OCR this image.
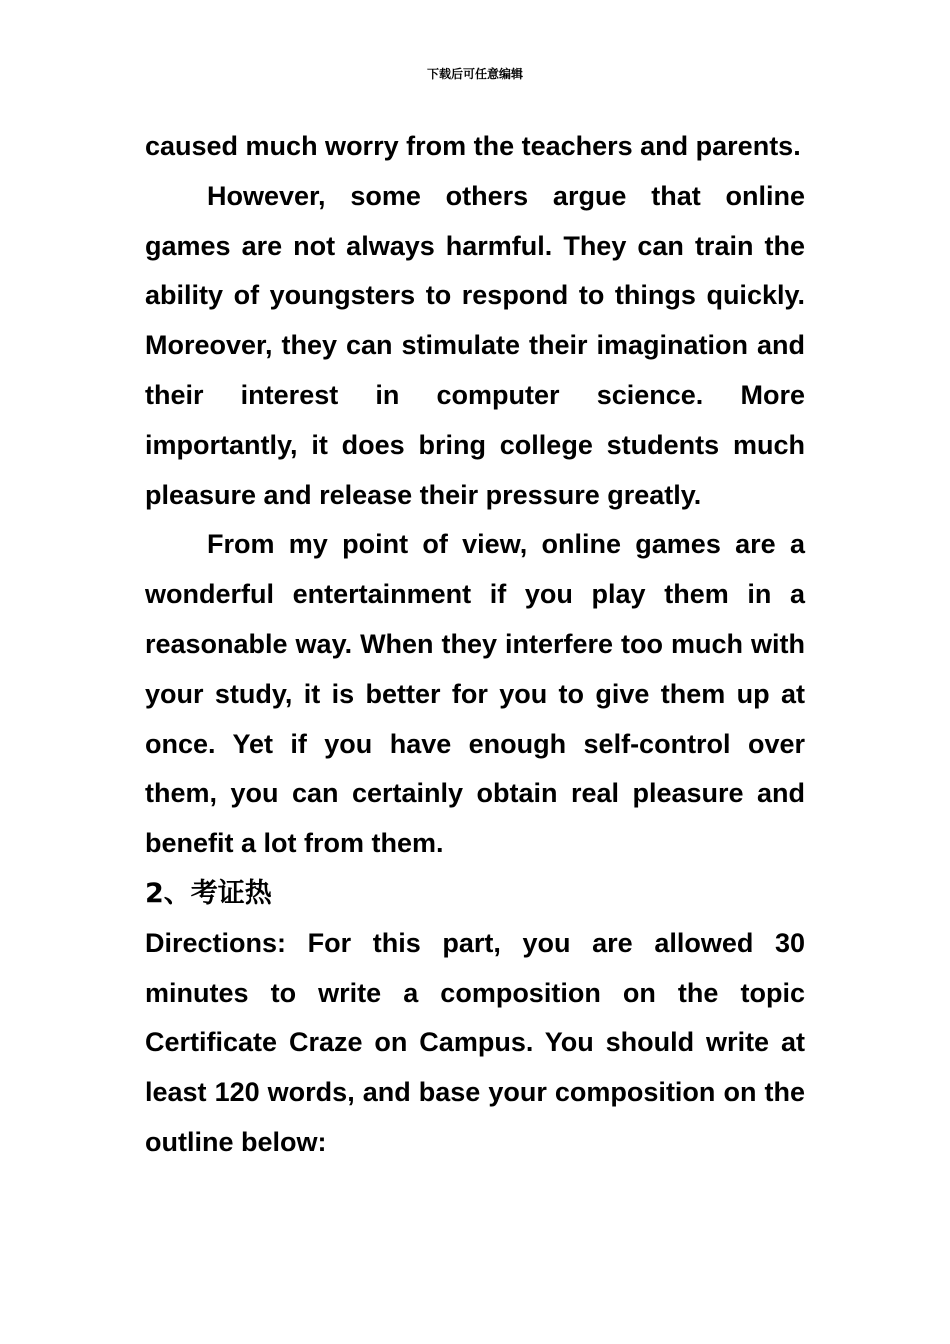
下载后可任意编辑

caused much worry from the teachers and parents.

However, some others argue that online games are not always harmful. They can train the ability of youngsters to respond to things quickly. Moreover, they can stimulate their imagination and their interest in computer science. More importantly, it does bring college students much pleasure and release their pressure greatly.

From my point of view, online games are a wonderful entertainment if you play them in a reasonable way. When they interfere too much with your study, it is better for you to give them up at once. Yet if you have enough self-control over them, you can certainly obtain real pleasure and benefit a lot from them.

2、考证热

Directions: For this part, you are allowed 30 minutes to write a composition on the topic Certificate Craze on Campus. You should write at least 120 words, and base your composition on the outline below:
